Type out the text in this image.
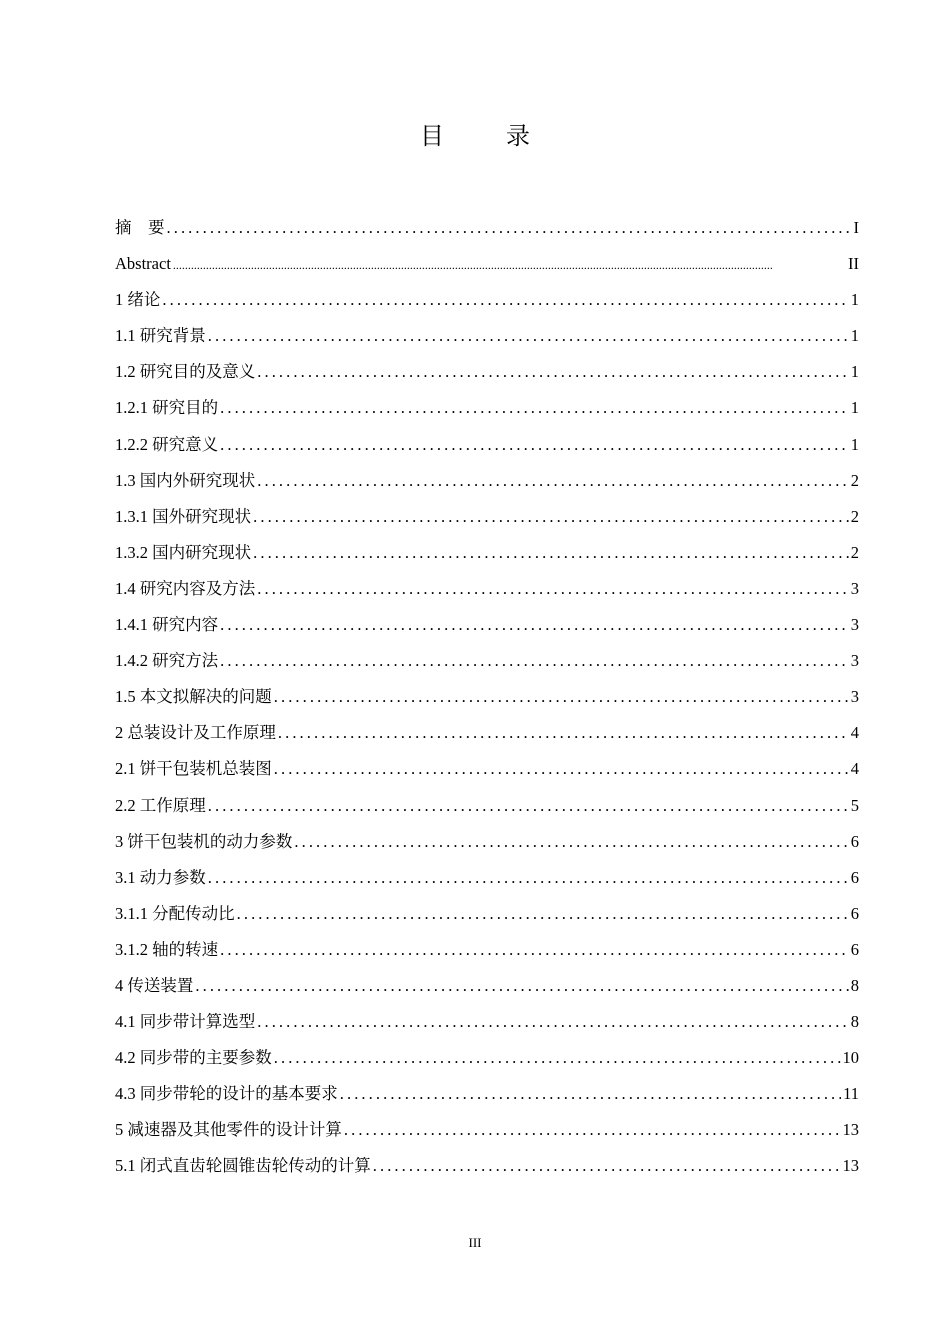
目 录
摘　要 .....	I
Abstract .....	II
1 绪论 .....	1
1.1 研究背景 .....	1
1.2 研究目的及意义 .....	1
1.2.1 研究目的 .....	1
1.2.2 研究意义 .....	1
1.3 国内外研究现状 .....	2
1.3.1 国外研究现状 .....	2
1.3.2 国内研究现状 .....	2
1.4 研究内容及方法 .....	3
1.4.1 研究内容 .....	3
1.4.2 研究方法 .....	3
1.5 本文拟解决的问题 .....	3
2 总装设计及工作原理 .....	4
2.1 饼干包装机总装图 .....	4
2.2 工作原理 .....	5
3 饼干包装机的动力参数 .....	6
3.1 动力参数 .....	6
3.1.1 分配传动比 .....	6
3.1.2 轴的转速 .....	6
4 传送装置 .....	8
4.1 同步带计算选型 .....	8
4.2 同步带的主要参数 .....	10
4.3 同步带轮的设计的基本要求 .....	11
5 减速器及其他零件的设计计算 .....	13
5.1 闭式直齿轮圆锥齿轮传动的计算 .....	13
III
